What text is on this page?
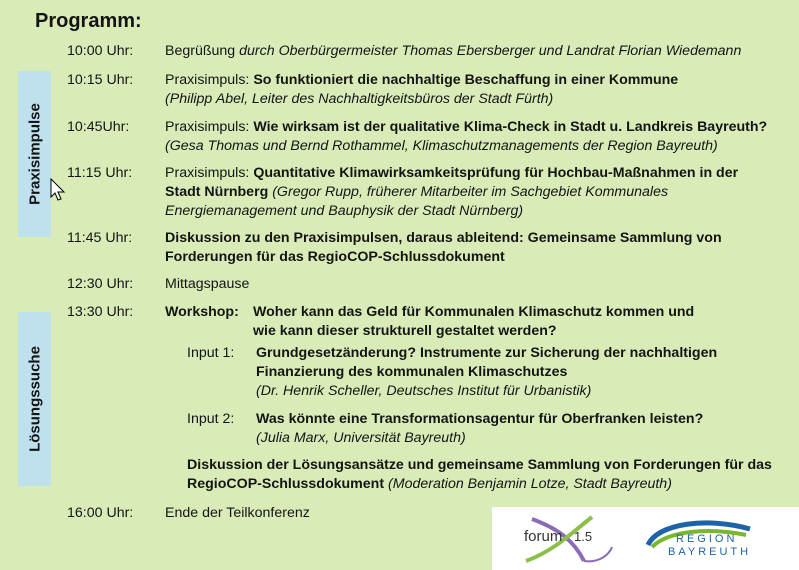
Programm:
Praxisimpulse
Lösungssuche
10:00 Uhr: Begrüßung durch Oberbürgermeister Thomas Ebersberger und Landrat Florian Wiedemann
10:15 Uhr: Praxisimpuls: So funktioniert die nachhaltige Beschaffung in einer Kommune
(Philipp Abel, Leiter des Nachhaltigkeitsbüros der Stadt Fürth)
10:45Uhr:	Praxisimpuls: Wie wirksam ist der qualitative Klima-Check in Stadt u. Landkreis Bayreuth?
(Gesa Thomas und Bernd Rothammel, Klimaschutzmanagements der Region Bayreuth)
11:15 Uhr: Praxisimpuls: Quantitative Klimawirksamkeitsprüfung für Hochbau-Maßnahmen in der
Stadt Nürnberg (Gregor Rupp, früherer Mitarbeiter im Sachgebiet Kommunales
Energiemanagement und Bauphysik der Stadt Nürnberg)
11:45 Uhr: Diskussion zu den Praxisimpulsen, daraus ableitend: Gemeinsame Sammlung von
Forderungen für das RegioCOP-Schlussdokument
12:30 Uhr: Mittagspause
13:30 Uhr: Workshop: Woher kann das Geld für Kommunalen Klimaschutz kommen und
wie kann dieser strukturell gestaltet werden?
Input 1: Grundgesetzänderung? Instrumente zur Sicherung der nachhaltigen
Finanzierung des kommunalen Klimaschutzes
(Dr. Henrik Scheller, Deutsches Institut für Urbanistik)
Input 2: Was könnte eine Transformationsagentur für Oberfranken leisten?
(Julia Marx, Universität Bayreuth)
Diskussion der Lösungsansätze und gemeinsame Sammlung von Forderungen für das
RegioCOP-Schlussdokument (Moderation Benjamin Lotze, Stadt Bayreuth)
16:00 Uhr: Ende der Teilkonferenz
forum 1.5	REGION
BAYREUTH
